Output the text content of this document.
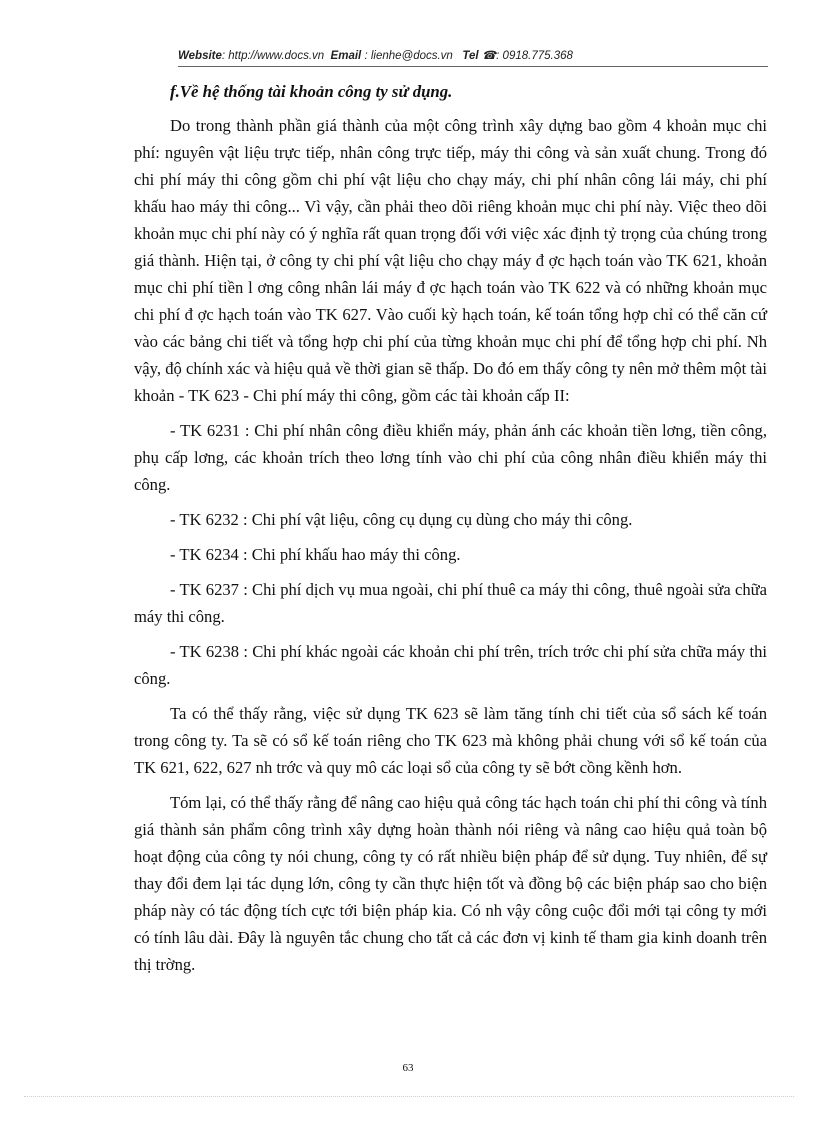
Website: http://www.docs.vn Email : lienhe@docs.vn Tel ☎: 0918.775.368
f.Về hệ thống tài khoản công ty sử dụng.

Do trong thành phần giá thành của một công trình xây dựng bao gồm 4 khoản mục chi phí: nguyên vật liệu trực tiếp, nhân công trực tiếp, máy thi công và sản xuất chung. Trong đó chi phí máy thi công gồm chi phí vật liệu cho chạy máy, chi phí nhân công lái máy, chi phí khấu hao máy thi công... Vì vậy, cần phải theo dõi riêng khoản mục chi phí này. Việc theo dõi khoản mục chi phí này có ý nghĩa rất quan trọng đối với việc xác định tỷ trọng của chúng trong giá thành. Hiện tại, ở công ty chi phí vật liệu cho chạy máy đ ợc hạch toán vào TK 621, khoản mục chi phí tiền l ơng công nhân lái máy đ ợc hạch toán vào TK 622 và có những khoản mục chi phí đ ợc hạch toán vào TK 627. Vào cuối kỳ hạch toán, kế toán tổng hợp chỉ có thể căn cứ vào các bảng chi tiết và tổng hợp chi phí của từng khoản mục chi phí để tổng hợp chi phí. Nh vậy, độ chính xác và hiệu quả về thời gian sẽ thấp. Do đó em thấy công ty nên mở thêm một tài khoản - TK 623 - Chi phí máy thi công, gồm các tài khoản cấp II:

- TK 6231 : Chi phí nhân công điều khiển máy, phản ánh các khoản tiền lơng, tiền công, phụ cấp lơng, các khoản trích theo lơng tính vào chi phí của công nhân điều khiển máy thi công.

- TK 6232 : Chi phí vật liệu, công cụ dụng cụ dùng cho máy thi công.

- TK 6234 : Chi phí khấu hao máy thi công.

- TK 6237 : Chi phí dịch vụ mua ngoài, chi phí thuê ca máy thi công, thuê ngoài sửa chữa máy thi công.

- TK 6238 : Chi phí khác ngoài các khoản chi phí trên, trích trớc chi phí sửa chữa máy thi công.

Ta có thể thấy rằng, việc sử dụng TK 623 sẽ làm tăng tính chi tiết của sổ sách kế toán trong công ty. Ta sẽ có sổ kế toán riêng cho TK 623 mà không phải chung với sổ kế toán của TK 621, 622, 627 nh trớc và quy mô các loại sổ của công ty sẽ bớt cồng kềnh hơn.

Tóm lại, có thể thấy rằng để nâng cao hiệu quả công tác hạch toán chi phí thi công và tính giá thành sản phẩm công trình xây dựng hoàn thành nói riêng và nâng cao hiệu quả toàn bộ hoạt động của công ty nói chung, công ty có rất nhiều biện pháp để sử dụng. Tuy nhiên, để sự thay đổi đem lại tác dụng lớn, công ty cần thực hiện tốt và đồng bộ các biện pháp sao cho biện pháp này có tác động tích cực tới biện pháp kia. Có nh vậy công cuộc đổi mới tại công ty mới có tính lâu dài. Đây là nguyên tắc chung cho tất cả các đơn vị kinh tế tham gia kinh doanh trên thị trờng.

63
